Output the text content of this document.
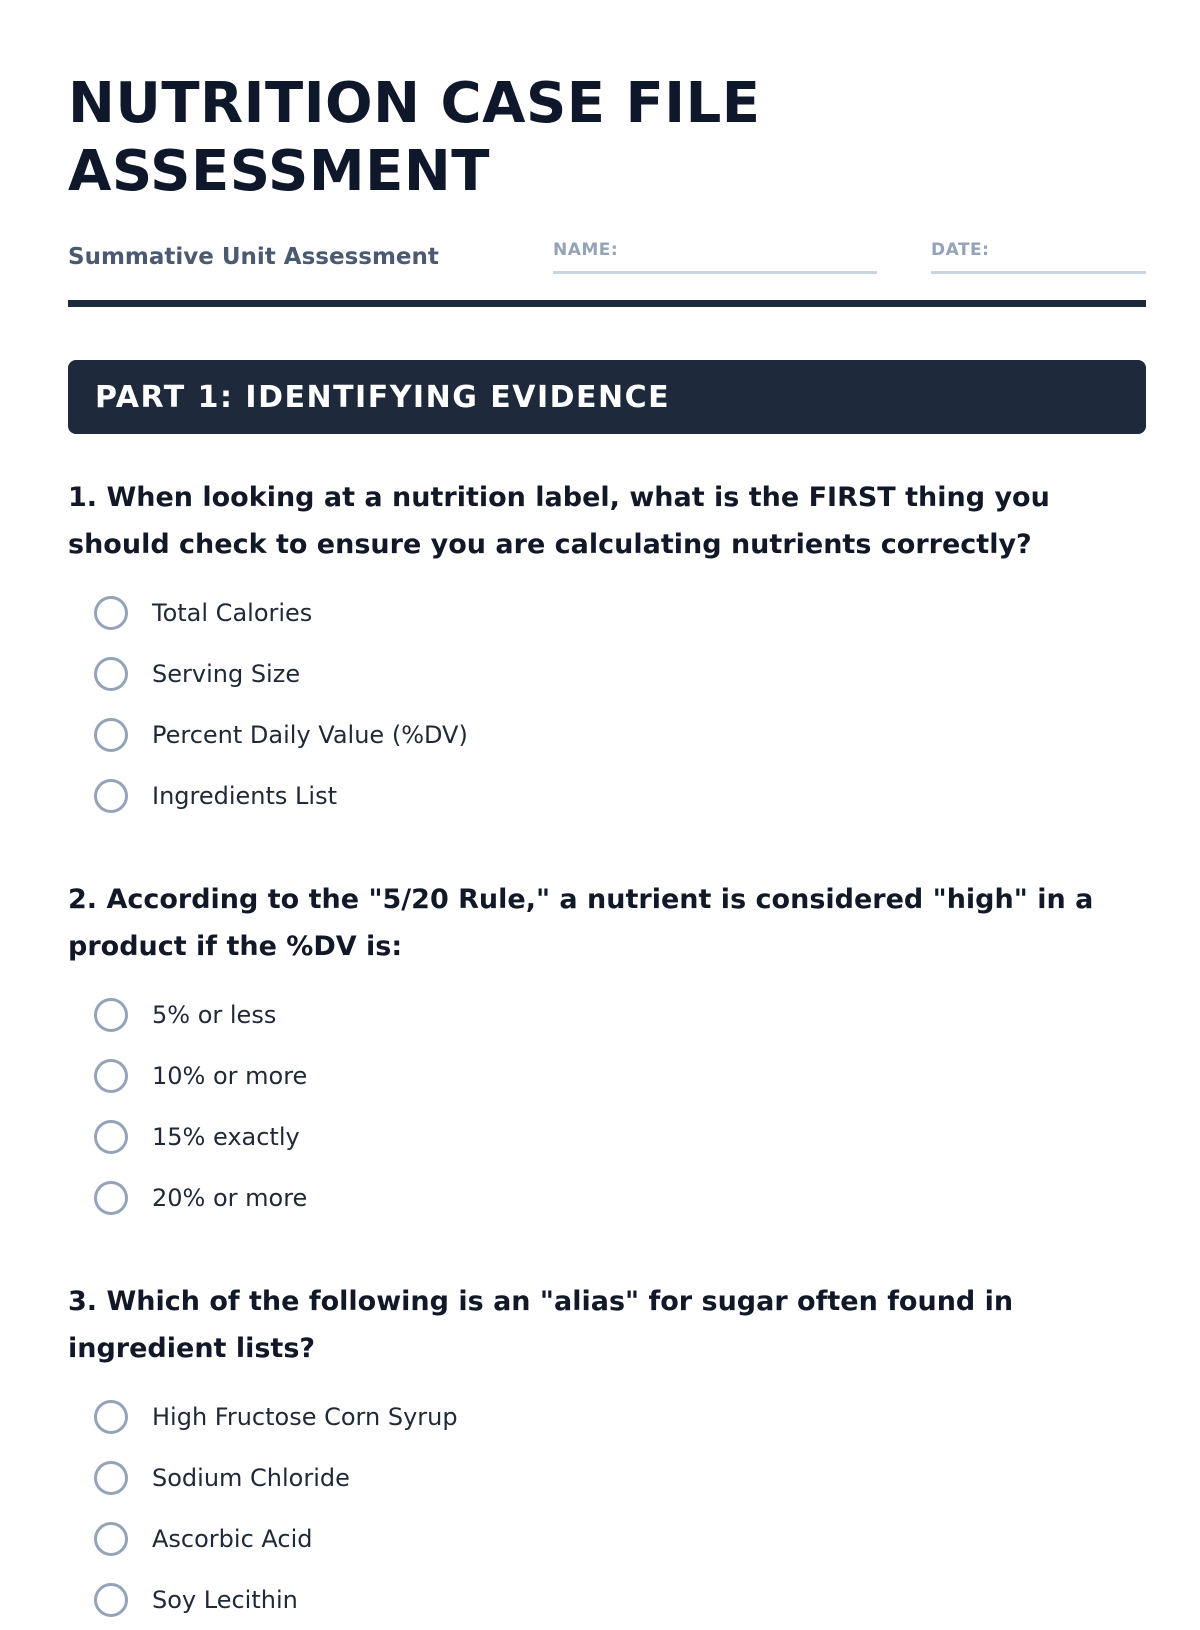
NUTRITION CASE FILE
ASSESSMENT
Summative Unit Assessment	NAME:	DATE:
PART 1: IDENTIFYING EVIDENCE

1. When looking at a nutrition label, what is the FIRST thing you should check to ensure you are calculating nutrients correctly?

Total Calories
Serving Size
Percent Daily Value (%DV)
Ingredients List

2. According to the "5/20 Rule," a nutrient is considered "high" in a product if the %DV is:

5% or less
10% or more
15% exactly
20% or more

3. Which of the following is an "alias" for sugar often found in ingredient lists?

High Fructose Corn Syrup
Sodium Chloride
Ascorbic Acid
Soy Lecithin
